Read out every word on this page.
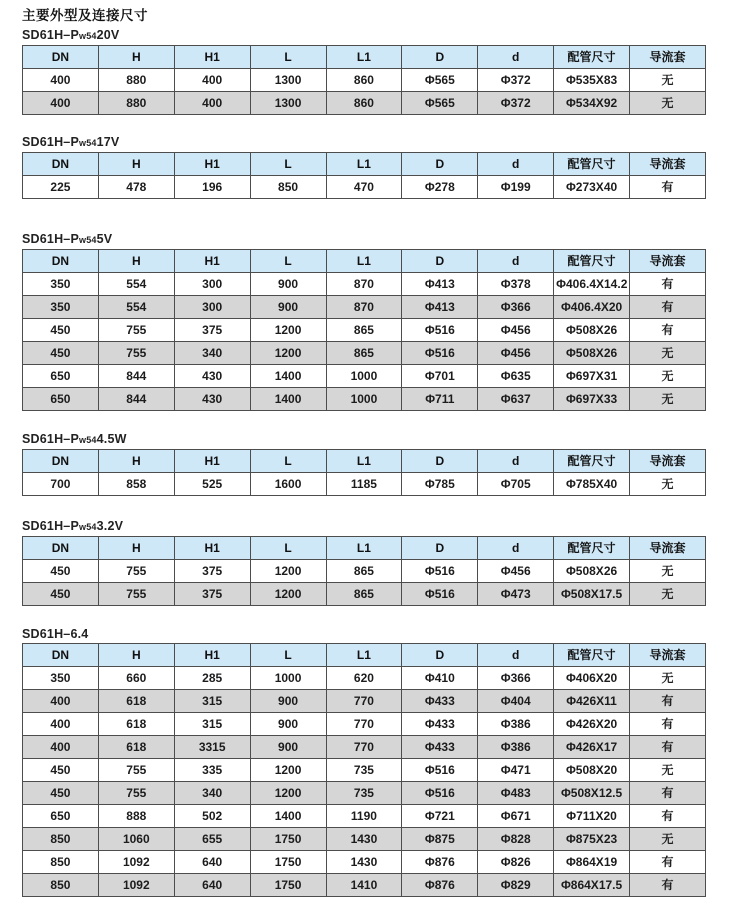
主要外型及连接尺寸
SD61H–Pw5420V
DN	H	H1	L	L1	D	d	配管尺寸	导流套
400	880	400	1300	860	Φ565	Φ372	Φ535X83	无
400	880	400	1300	860	Φ565	Φ372	Φ534X92	无
SD61H–Pw5417V
DN	H	H1	L	L1	D	d	配管尺寸	导流套
225	478	196	850	470	Φ278	Φ199	Φ273X40	有
SD61H–Pw545V
DN	H	H1	L	L1	D	d	配管尺寸	导流套
350	554	300	900	870	Φ413	Φ378	Φ406.4X14.2	有
350	554	300	900	870	Φ413	Φ366	Φ406.4X20	有
450	755	375	1200	865	Φ516	Φ456	Φ508X26	有
450	755	340	1200	865	Φ516	Φ456	Φ508X26	无
650	844	430	1400	1000	Φ701	Φ635	Φ697X31	无
650	844	430	1400	1000	Φ711	Φ637	Φ697X33	无
SD61H–Pw544.5W
DN	H	H1	L	L1	D	d	配管尺寸	导流套
700	858	525	1600	1185	Φ785	Φ705	Φ785X40	无
SD61H–Pw543.2V
DN	H	H1	L	L1	D	d	配管尺寸	导流套
450	755	375	1200	865	Φ516	Φ456	Φ508X26	无
450	755	375	1200	865	Φ516	Φ473	Φ508X17.5	无
SD61H–6.4
DN	H	H1	L	L1	D	d	配管尺寸	导流套
350	660	285	1000	620	Φ410	Φ366	Φ406X20	无
400	618	315	900	770	Φ433	Φ404	Φ426X11	有
400	618	315	900	770	Φ433	Φ386	Φ426X20	有
400	618	3315	900	770	Φ433	Φ386	Φ426X17	有
450	755	335	1200	735	Φ516	Φ471	Φ508X20	无
450	755	340	1200	735	Φ516	Φ483	Φ508X12.5	有
650	888	502	1400	1190	Φ721	Φ671	Φ711X20	有
850	1060	655	1750	1430	Φ875	Φ828	Φ875X23	无
850	1092	640	1750	1430	Φ876	Φ826	Φ864X19	有
850	1092	640	1750	1410	Φ876	Φ829	Φ864X17.5	有
